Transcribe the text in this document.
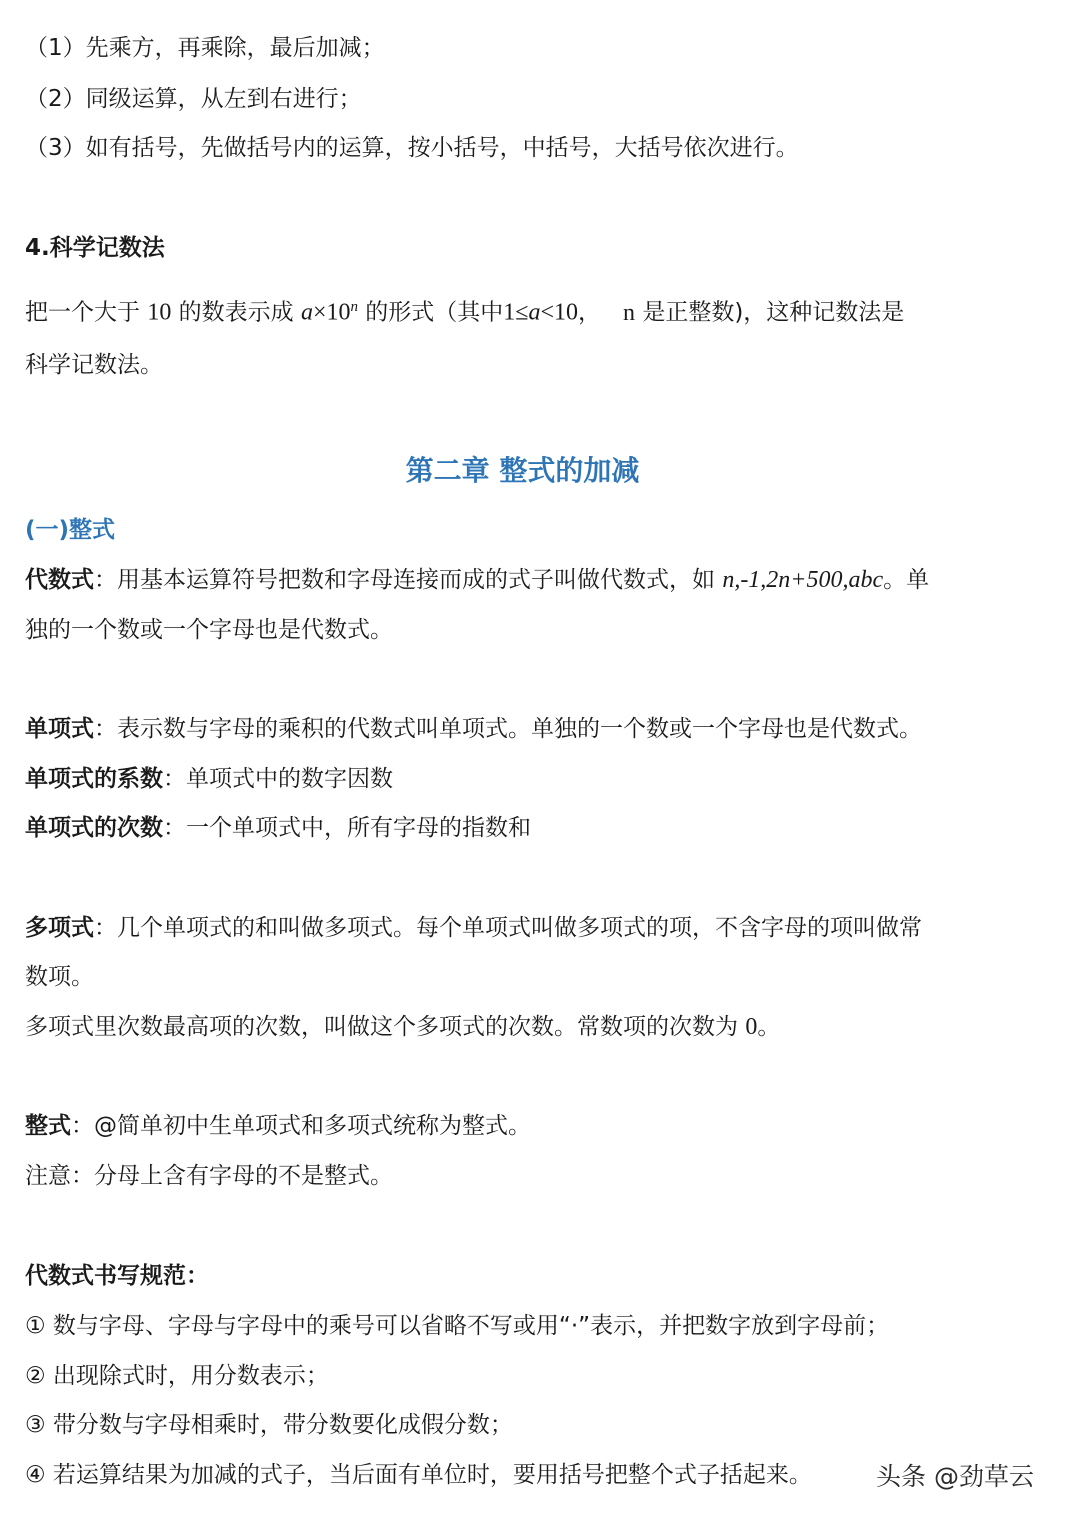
（1）先乘方，再乘除，最后加减；
（2）同级运算，从左到右进行；
（3）如有括号，先做括号内的运算，按小括号，中括号，大括号依次进行。
4.科学记数法
把一个大于 10 的数表示成 $a\times 10^n$ 的形式（其中1≤a<10， n 是正整数)，这种记数法是
科学记数法。
第二章 整式的加减
(一)整式
代数式：用基本运算符号把数和字母连接而成的式子叫做代数式，如 n,-1,2n+500,abc。单
独的一个数或一个字母也是代数式。
单项式：表示数与字母的乘积的代数式叫单项式。单独的一个数或一个字母也是代数式。
单项式的系数：单项式中的数字因数
单项式的次数：一个单项式中，所有字母的指数和
多项式：几个单项式的和叫做多项式。每个单项式叫做多项式的项，不含字母的项叫做常
数项。
多项式里次数最高项的次数，叫做这个多项式的次数。常数项的次数为 0。
整式：@简单初中生单项式和多项式统称为整式。
注意：分母上含有字母的不是整式。
代数式书写规范：
① 数与字母、字母与字母中的乘号可以省略不写或用“·”表示，并把数字放到字母前；
② 出现除式时，用分数表示；
③ 带分数与字母相乘时，带分数要化成假分数；
④ 若运算结果为加减的式子，当后面有单位时，要用括号把整个式子括起来。	头条 @劲草云
